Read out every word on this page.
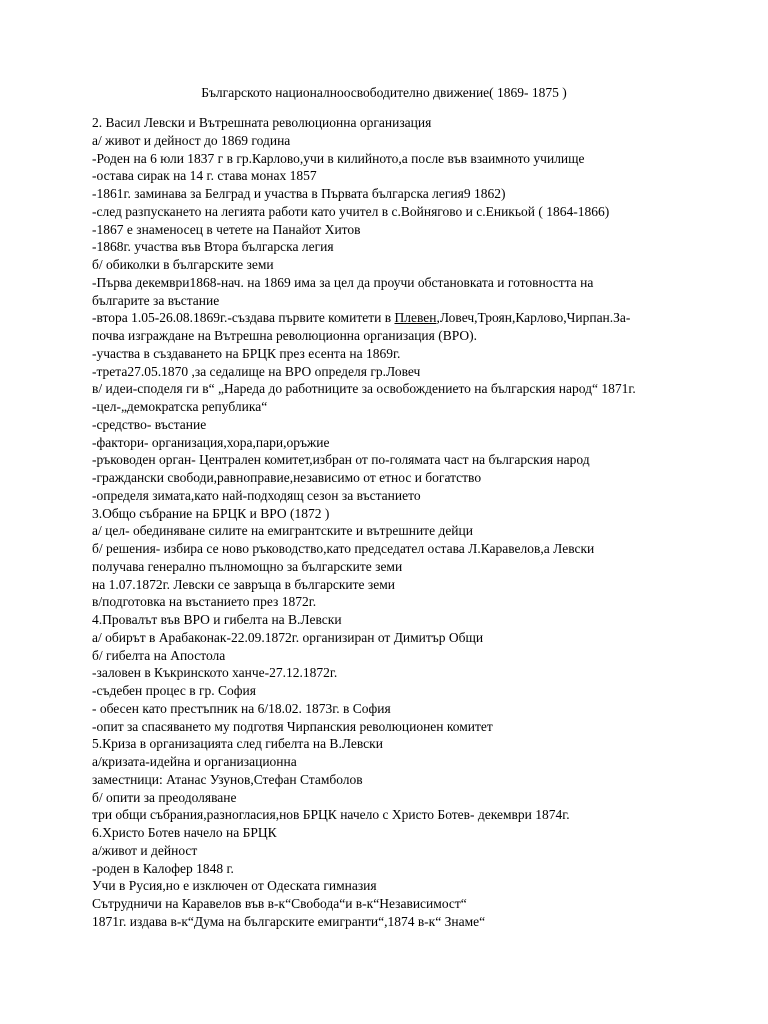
Българското националноосвободително движение( 1869- 1875 )
2. Васил Левски и Вътрешната революционна организация
а/ живот и дейност до 1869 година
-Роден на 6 юли 1837 г в гр.Карлово,учи в килийното,а после във взаимното училище
-остава сирак на 14 г. става монах 1857
-1861г. заминава за Белград и участва в Първата българска легия9 1862)
-след разпускането на легията работи като учител в с.Войнягово и с.Еникьой ( 1864-1866)
-1867 е знаменосец в четете на Панайот Хитов
-1868г. участва във Втора българска легия
б/ обиколки в българските земи
-Първа декември1868-нач. на 1869 има за цел да проучи обстановката и готовността на
българите за въстание
-втора 1.05-26.08.1869г.-създава първите комитети в Плевен,Ловеч,Троян,Карлово,Чирпан.За-
почва изграждане на Вътрешна революционна организация (ВРО).
-участва в създаването на БРЦК през есента на 1869г.
-трета27.05.1870 ,за седалище на ВРО определя гр.Ловеч
в/ идеи-споделя ги в“ „Наредa до работниците за освобождението на българския народ“ 1871г.
-цел-„демократска република“
-средство- въстание
-фактори- организация,хора,пари,оръжие
-ръководен орган- Централен комитет,избран от по-голямата част на българския народ
-граждански свободи,равноправие,независимо от етнос и богатство
-определя зимата,като най-подходящ сезон за въстанието
3.Общо събрание на БРЦК и ВРО (1872 )
а/ цел- обединяване силите на емигрантските и вътрешните дейци
б/ решения- избира се ново ръководство,като председател остава Л.Каравелов,а Левски
получава генерално пълномощно за българските земи
на 1.07.1872г. Левски се завръща в българските земи
в/подготовка на въстанието през 1872г.
4.Провалът във ВРО и гибелта на В.Левски
а/ обирът в Арабаконак-22.09.1872г. организиран от Димитър Общи
б/ гибелта на Апостола
-заловен в Къкринското ханче-27.12.1872г.
-съдебен процес в гр. София
- обесен като престъпник на 6/18.02. 1873г. в София
-опит за спасяването му подготвя Чирпанския революционен комитет
5.Криза в организацията след гибелта на В.Левски
а/кризата-идейна и организационна
заместници: Атанас Узунов,Стефан Стамболов
б/ опити за преодоляване
три общи събрания,разногласия,нов БРЦК начело с Христо Ботев- декември 1874г.
6.Христо Ботев начело на БРЦК
а/живот и дейност
-роден в Калофер 1848 г.
Учи в Русия,но е изключен от Одеската гимназия
Сътрудничи на Каравелов във в-к“Свобода“и в-к“Независимост“
1871г. издава в-к“Дума на българските емигранти“,1874 в-к“ Знаме“
